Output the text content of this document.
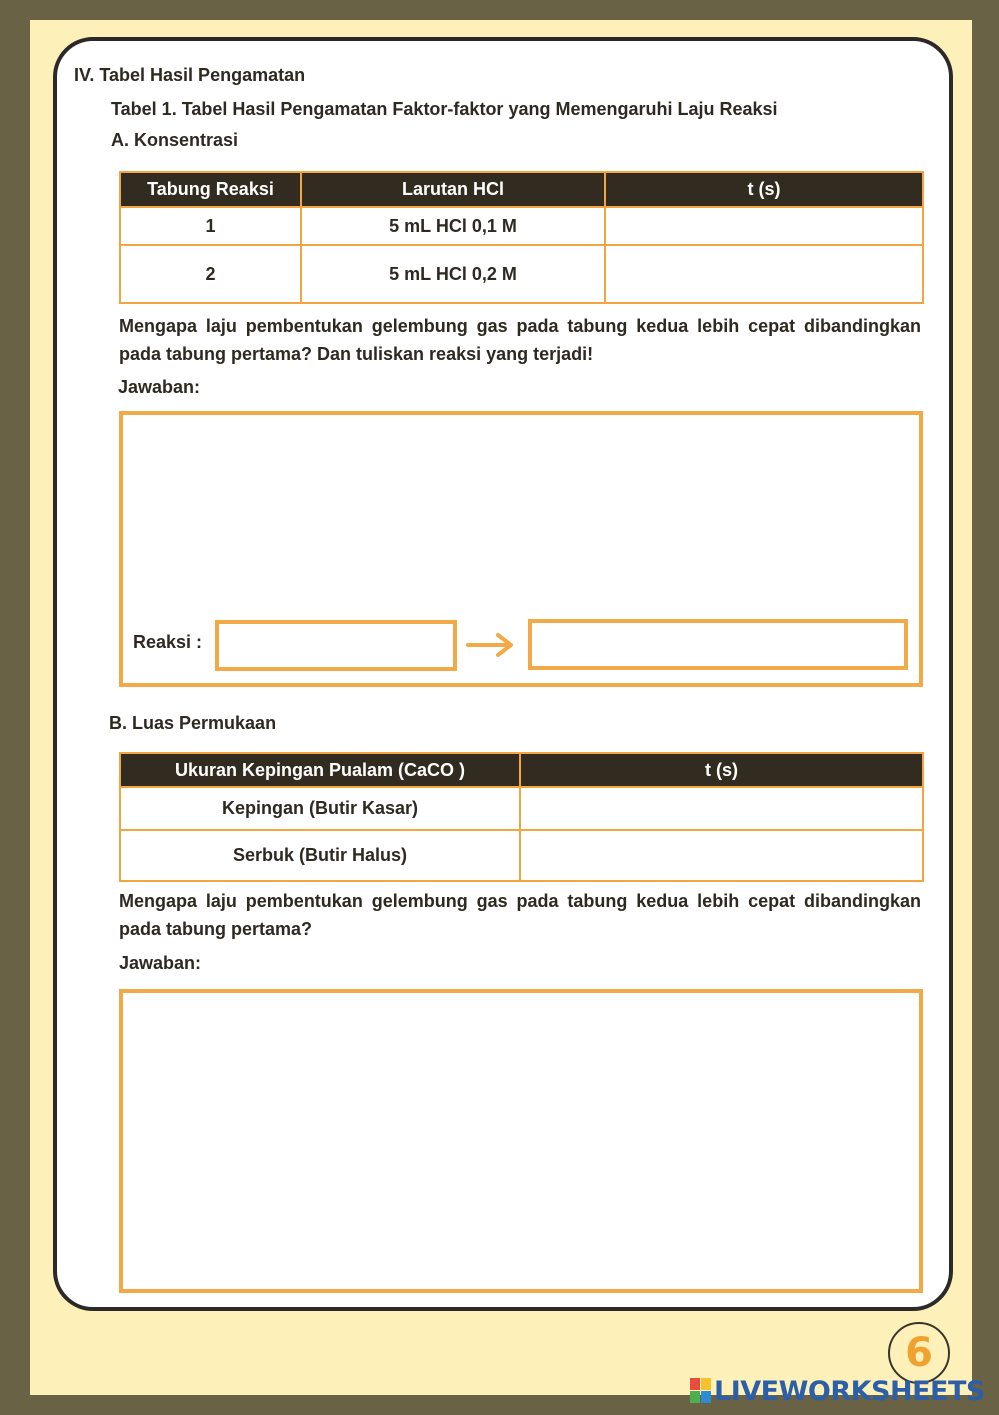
IV. Tabel Hasil Pengamatan
Tabel 1. Tabel Hasil Pengamatan Faktor-faktor yang Memengaruhi Laju Reaksi
A. Konsentrasi
Tabung Reaksi	Larutan HCl	t (s)
1	5 mL HCl 0,1 M	
2	5 mL HCl 0,2 M	
Mengapa laju pembentukan gelembung gas pada tabung kedua lebih cepat dibandingkan pada tabung pertama? Dan tuliskan reaksi yang terjadi!
Jawaban:
Reaksi :
B. Luas Permukaan
Ukuran Kepingan Pualam (CaCO )	t (s)
Kepingan (Butir Kasar)	
Serbuk (Butir Halus)	
Mengapa laju pembentukan gelembung gas pada tabung kedua lebih cepat dibandingkan pada tabung pertama?
Jawaban:
6
LIVEWORKSHEETS
